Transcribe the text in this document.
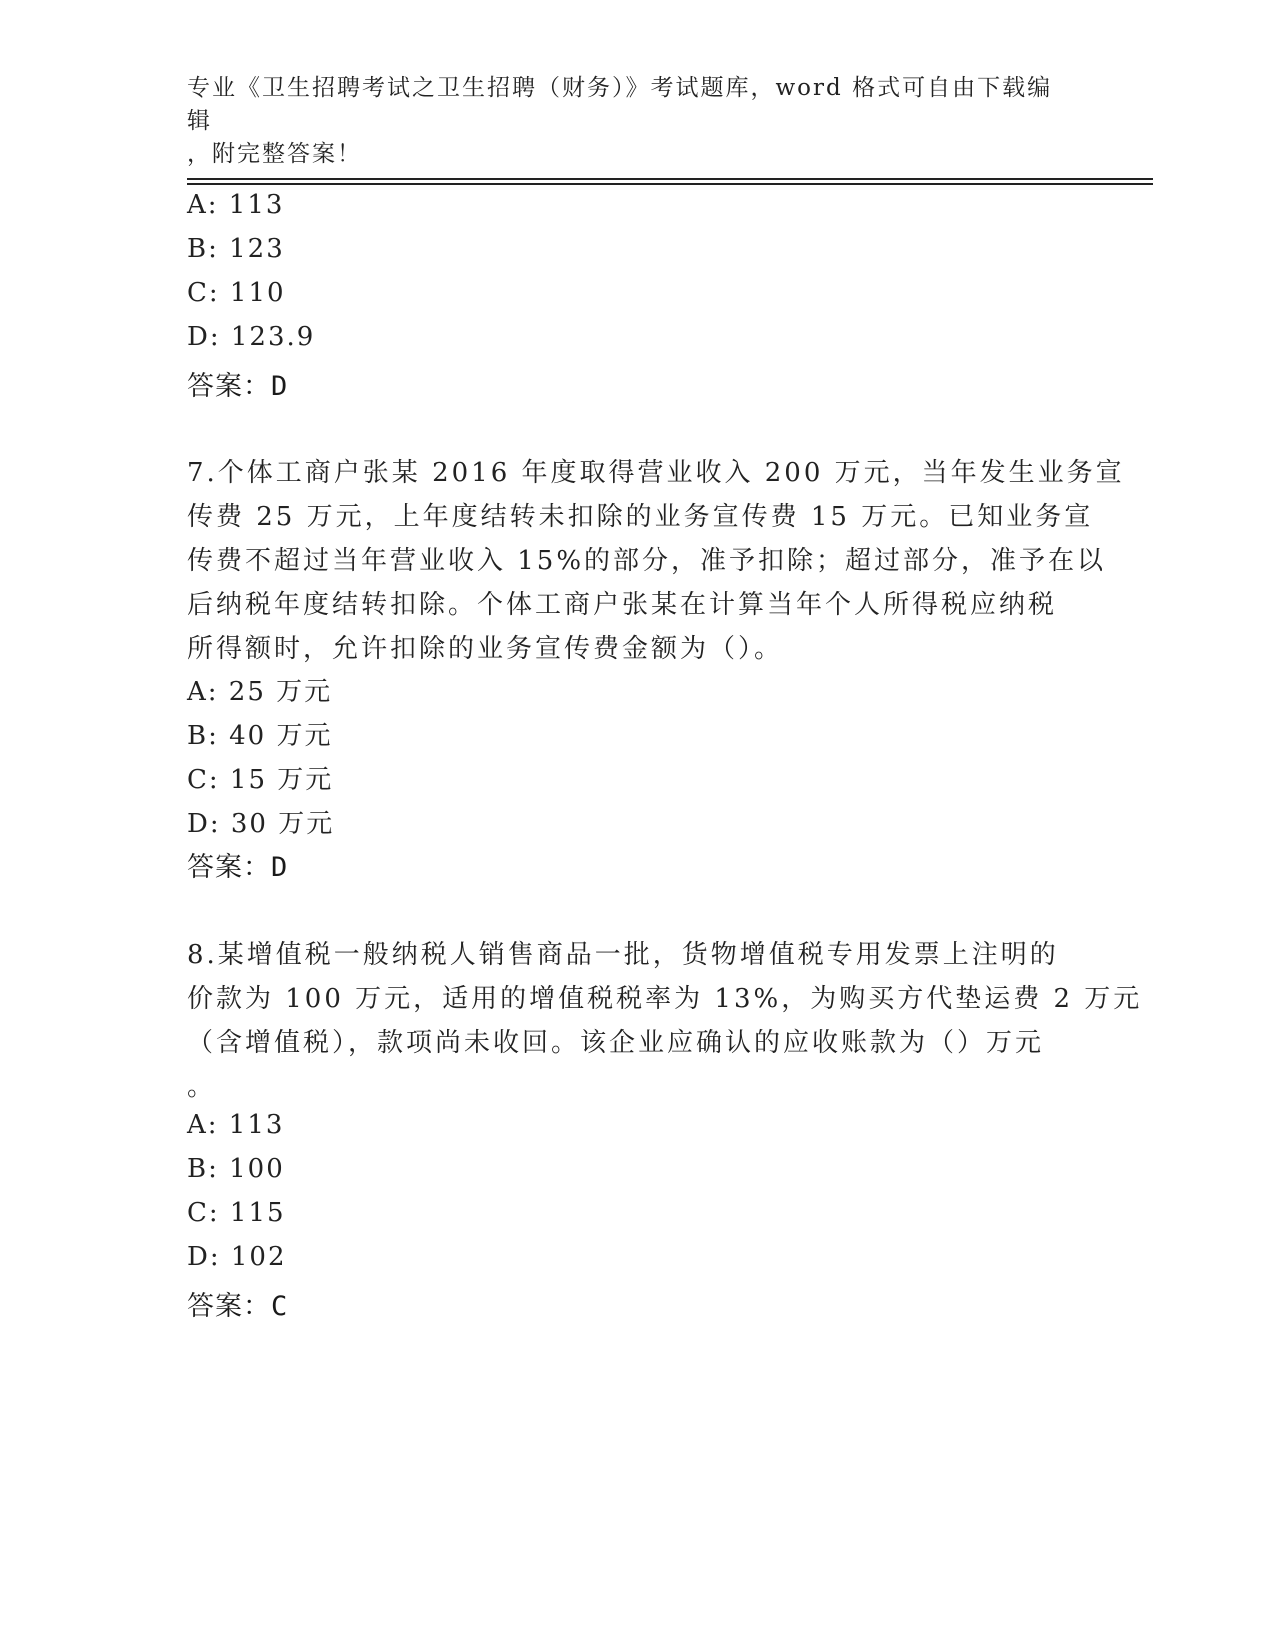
专业《卫生招聘考试之卫生招聘（财务）》考试题库，word 格式可自由下载编辑
，附完整答案！
A: 113
B: 123
C: 110
D: 123.9
答案：D
7.个体工商户张某 2016 年度取得营业收入 200 万元，当年发生业务宣
传费 25 万元，上年度结转未扣除的业务宣传费 15 万元。已知业务宣
传费不超过当年营业收入 15%的部分，准予扣除；超过部分，准予在以
后纳税年度结转扣除。个体工商户张某在计算当年个人所得税应纳税
所得额时，允许扣除的业务宣传费金额为（）。
A: 25 万元
B: 40 万元
C: 15 万元
D: 30 万元
答案：D
8.某增值税一般纳税人销售商品一批，货物增值税专用发票上注明的
价款为 100 万元，适用的增值税税率为 13%，为购买方代垫运费 2 万元
（含增值税），款项尚未收回。该企业应确认的应收账款为（）万元
。
A: 113
B: 100
C: 115
D: 102
答案：C
